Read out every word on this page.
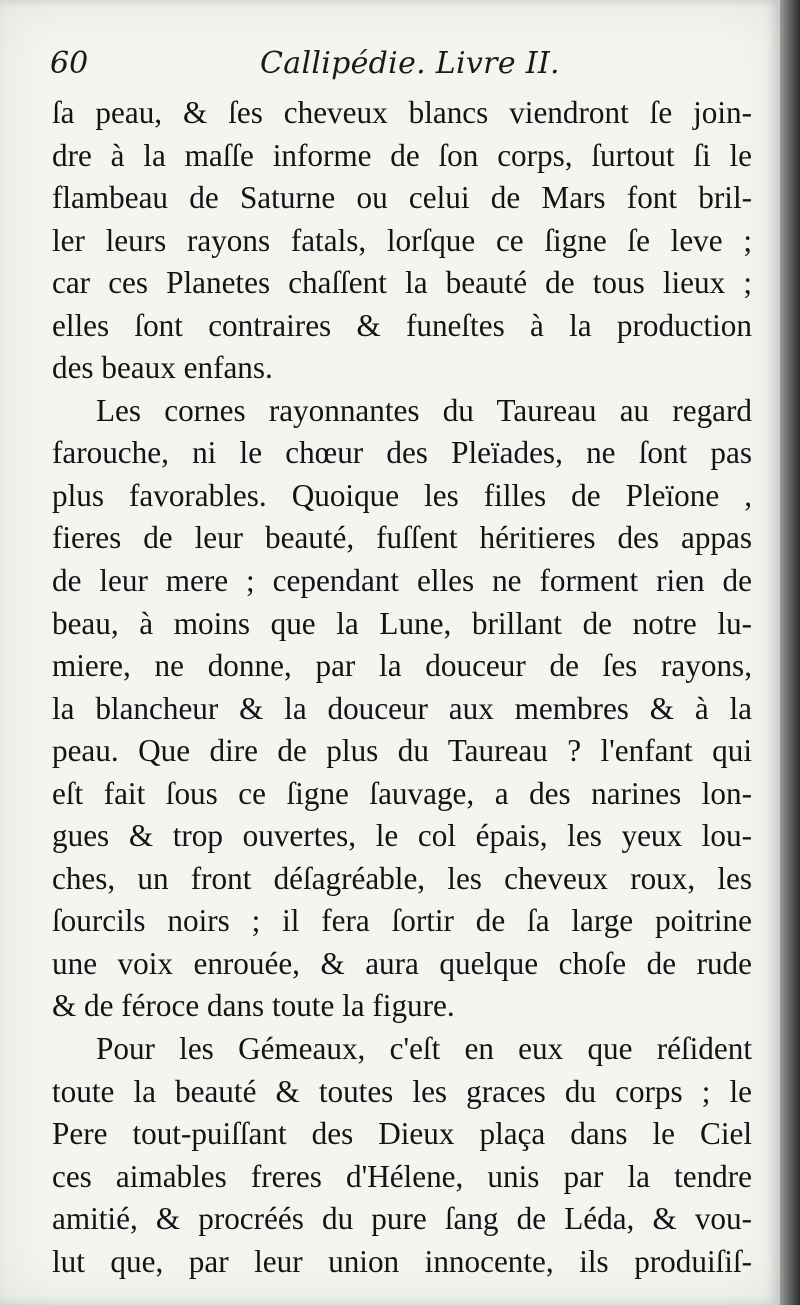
60	Callipédie. Livre II.
ſa peau, & ſes cheveux blancs viendront ſe join-
dre à la maſſe informe de ſon corps, ſurtout ſi le
flambeau de Saturne ou celui de Mars font bril-
ler leurs rayons fatals, lorſque ce ſigne ſe leve ;
car ces Planetes chaſſent la beauté de tous lieux ;
elles ſont contraires & funeſtes à la production
des beaux enfans.
Les cornes rayonnantes du Taureau au regard
farouche, ni le chœur des Pleïades, ne ſont pas
plus favorables. Quoique les filles de Pleïone ,
fieres de leur beauté, fuſſent héritieres des appas
de leur mere ; cependant elles ne forment rien de
beau, à moins que la Lune, brillant de notre lu-
miere, ne donne, par la douceur de ſes rayons,
la blancheur & la douceur aux membres & à la
peau. Que dire de plus du Taureau ? l'enfant qui
eſt fait ſous ce ſigne ſauvage, a des narines lon-
gues & trop ouvertes, le col épais, les yeux lou-
ches, un front déſagréable, les cheveux roux, les
ſourcils noirs ; il fera ſortir de ſa large poitrine
une voix enrouée, & aura quelque choſe de rude
& de féroce dans toute la figure.
Pour les Gémeaux, c'eſt en eux que réſident
toute la beauté & toutes les graces du corps ; le
Pere tout-puiſſant des Dieux plaça dans le Ciel
ces aimables freres d'Hélene, unis par la tendre
amitié, & procréés du pure ſang de Léda, & vou-
lut que, par leur union innocente, ils produiſiſ-
